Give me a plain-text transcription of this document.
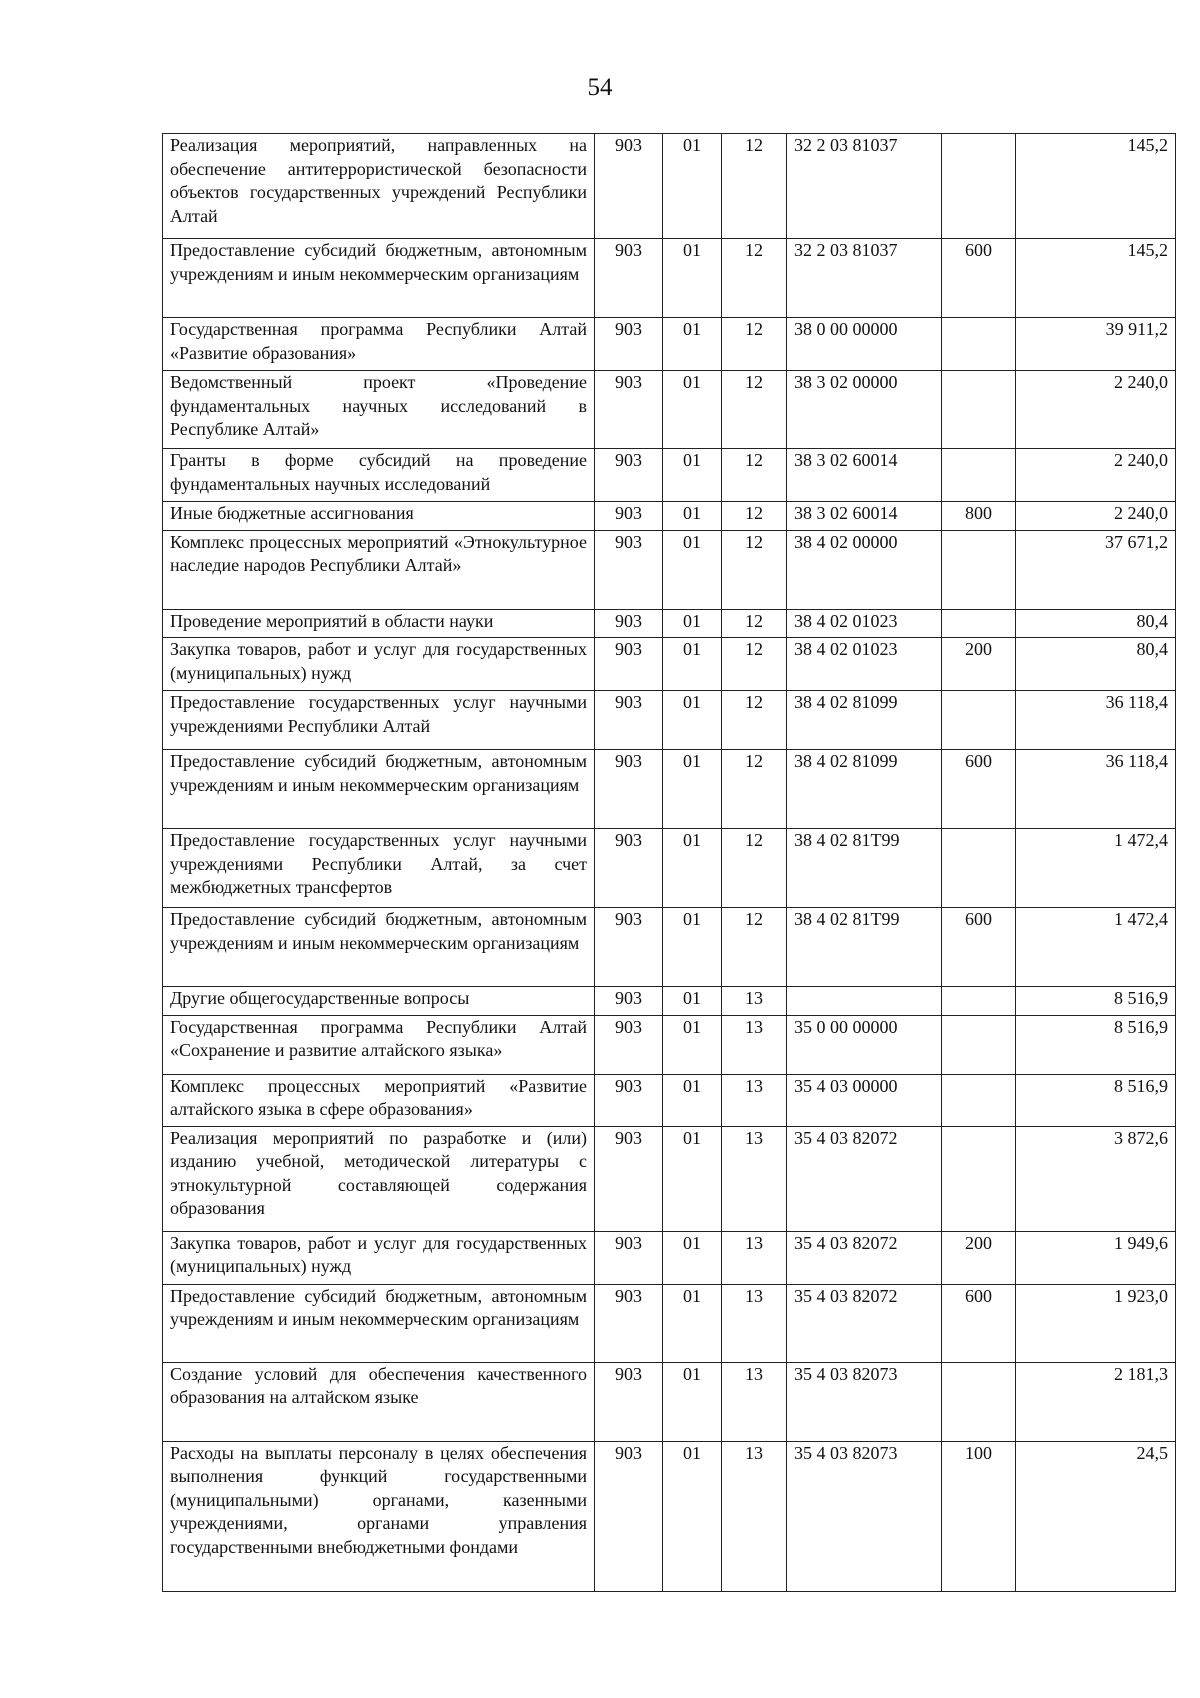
54
Реализация мероприятий, направленных на обеспечение антитеррористической безопасности объектов государственных учреждений Республики Алтай	903	01	12	32 2 03 81037		145,2
Предоставление субсидий бюджетным, автономным учреждениям и иным некоммерческим организациям	903	01	12	32 2 03 81037	600	145,2
Государственная программа Республики Алтай «Развитие образования»	903	01	12	38 0 00 00000		39 911,2
Ведомственный проект «Проведение фундаментальных научных исследований в Республике Алтай»	903	01	12	38 3 02 00000		2 240,0
Гранты в форме субсидий на проведение фундаментальных научных исследований	903	01	12	38 3 02 60014		2 240,0
Иные бюджетные ассигнования	903	01	12	38 3 02 60014	800	2 240,0
Комплекс процессных мероприятий «Этнокультурное наследие народов Республики Алтай»	903	01	12	38 4 02 00000		37 671,2
Проведение мероприятий в области науки	903	01	12	38 4 02 01023		80,4
Закупка товаров, работ и услуг для государственных (муниципальных) нужд	903	01	12	38 4 02 01023	200	80,4
Предоставление государственных услуг научными учреждениями Республики Алтай	903	01	12	38 4 02 81099		36 118,4
Предоставление субсидий бюджетным, автономным учреждениям и иным некоммерческим организациям	903	01	12	38 4 02 81099	600	36 118,4
Предоставление государственных услуг научными учреждениями Республики Алтай, за счет межбюджетных трансфертов	903	01	12	38 4 02 81Т99		1 472,4
Предоставление субсидий бюджетным, автономным учреждениям и иным некоммерческим организациям	903	01	12	38 4 02 81Т99	600	1 472,4
Другие общегосударственные вопросы	903	01	13			8 516,9
Государственная программа Республики Алтай «Сохранение и развитие алтайского языка»	903	01	13	35 0 00 00000		8 516,9
Комплекс процессных мероприятий «Развитие алтайского языка в сфере образования»	903	01	13	35 4 03 00000		8 516,9
Реализация мероприятий по разработке и (или) изданию учебной, методической литературы с этнокультурной составляющей содержания образования	903	01	13	35 4 03 82072		3 872,6
Закупка товаров, работ и услуг для государственных (муниципальных) нужд	903	01	13	35 4 03 82072	200	1 949,6
Предоставление субсидий бюджетным, автономным учреждениям и иным некоммерческим организациям	903	01	13	35 4 03 82072	600	1 923,0
Создание условий для обеспечения качественного образования на алтайском языке	903	01	13	35 4 03 82073		2 181,3
Расходы на выплаты персоналу в целях обеспечения выполнения функций государственными (муниципальными) органами, казенными учреждениями, органами управления государственными внебюджетными фондами	903	01	13	35 4 03 82073	100	24,5
